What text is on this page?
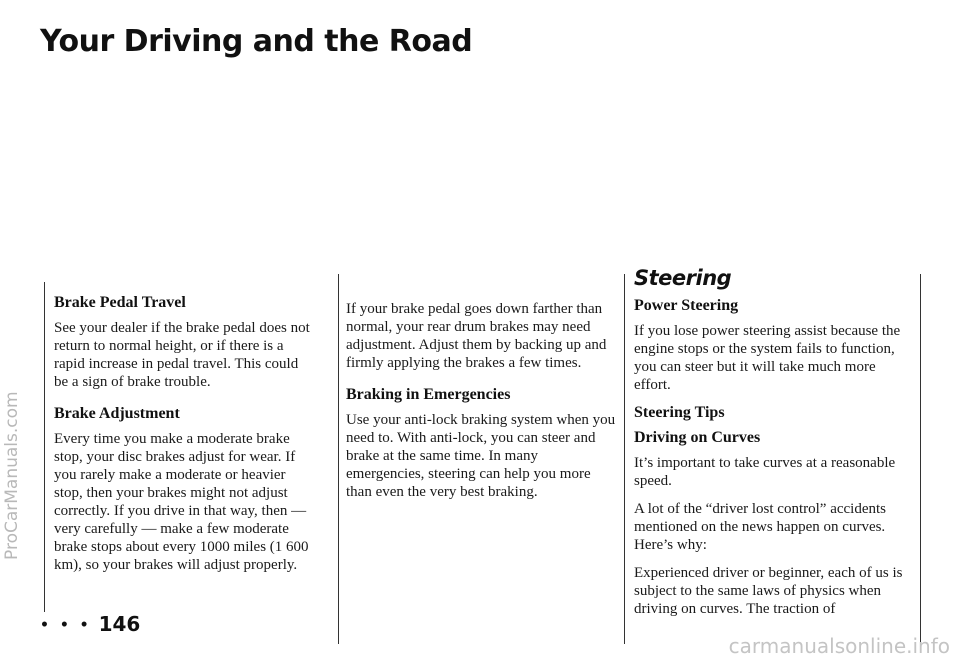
Your Driving and the Road
ProCarManuals.com
Brake Pedal Travel

See your dealer if the brake pedal does not return to normal height, or if there is a rapid increase in pedal travel. This could be a sign of brake trouble.

Brake Adjustment

Every time you make a moderate brake stop, your disc brakes adjust for wear. If you rarely make a moderate or heavier stop, then your brakes might not adjust correctly. If you drive in that way, then — very carefully — make a few moderate brake stops about every 1000 miles (1 600 km), so your brakes will adjust properly.

If your brake pedal goes down farther than normal, your rear drum brakes may need adjustment. Adjust them by backing up and firmly applying the brakes a few times.

Braking in Emergencies

Use your anti-lock braking system when you need to. With anti-lock, you can steer and brake at the same time. In many emergencies, steering can help you more than even the very best braking.

Steering
Power Steering

If you lose power steering assist because the engine stops or the system fails to function, you can steer but it will take much more effort.

Steering Tips
Driving on Curves

It’s important to take curves at a reasonable speed.

A lot of the “driver lost control” accidents mentioned on the news happen on curves. Here’s why:

Experienced driver or beginner, each of us is subject to the same laws of physics when driving on curves. The traction of

• • • 146
carmanualsonline.info
